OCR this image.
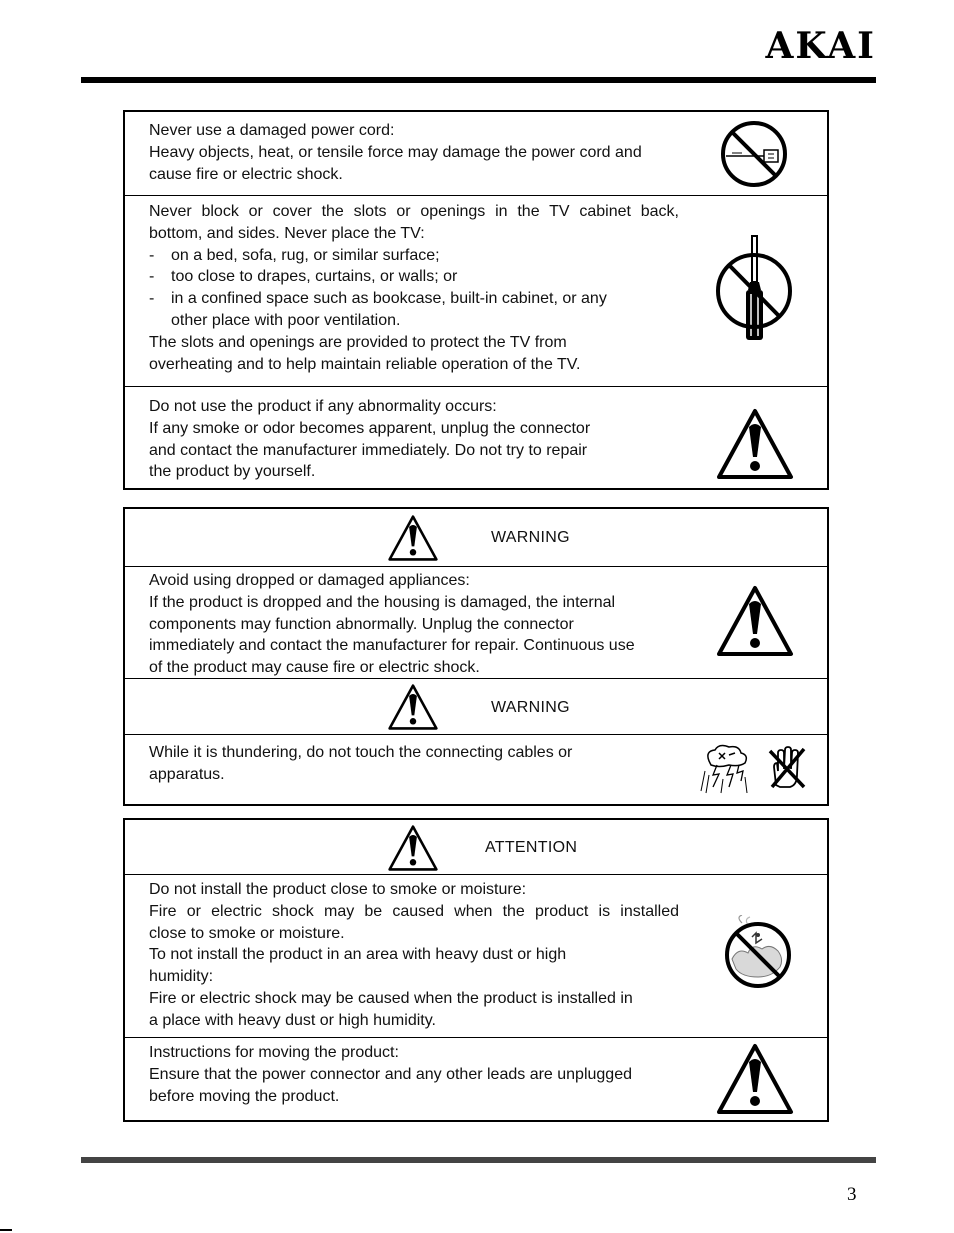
AKAI
Never use a damaged power cord:
Heavy objects, heat, or tensile force may damage the power cord and
cause fire or electric shock.
Never block or cover the slots or openings in the TV cabinet back,
bottom, and sides. Never place the TV:
- on a bed, sofa, rug, or similar surface;
- too close to drapes, curtains, or walls; or
- in a confined space such as bookcase, built-in cabinet, or any
other place with poor ventilation.
The slots and openings are provided to protect the TV from
overheating and to help maintain reliable operation of the TV.
Do not use the product if any abnormality occurs:
If any smoke or odor becomes apparent, unplug the connector
and contact the manufacturer immediately. Do not try to repair
the product by yourself.
WARNING
Avoid using dropped or damaged appliances:
If the product is dropped and the housing is damaged, the internal
components may function abnormally. Unplug the connector
immediately and contact the manufacturer for repair. Continuous use
of the product may cause fire or electric shock.
WARNING
While it is thundering, do not touch the connecting cables or
apparatus.
ATTENTION
Do not install the product close to smoke or moisture:
Fire or electric shock may be caused when the product is installed
close to smoke or moisture.
To not install the product in an area with heavy dust or high
humidity:
Fire or electric shock may be caused when the product is installed in
a place with heavy dust or high humidity.
Instructions for moving the product:
Ensure that the power connector and any other leads are unplugged
before moving the product.
3
